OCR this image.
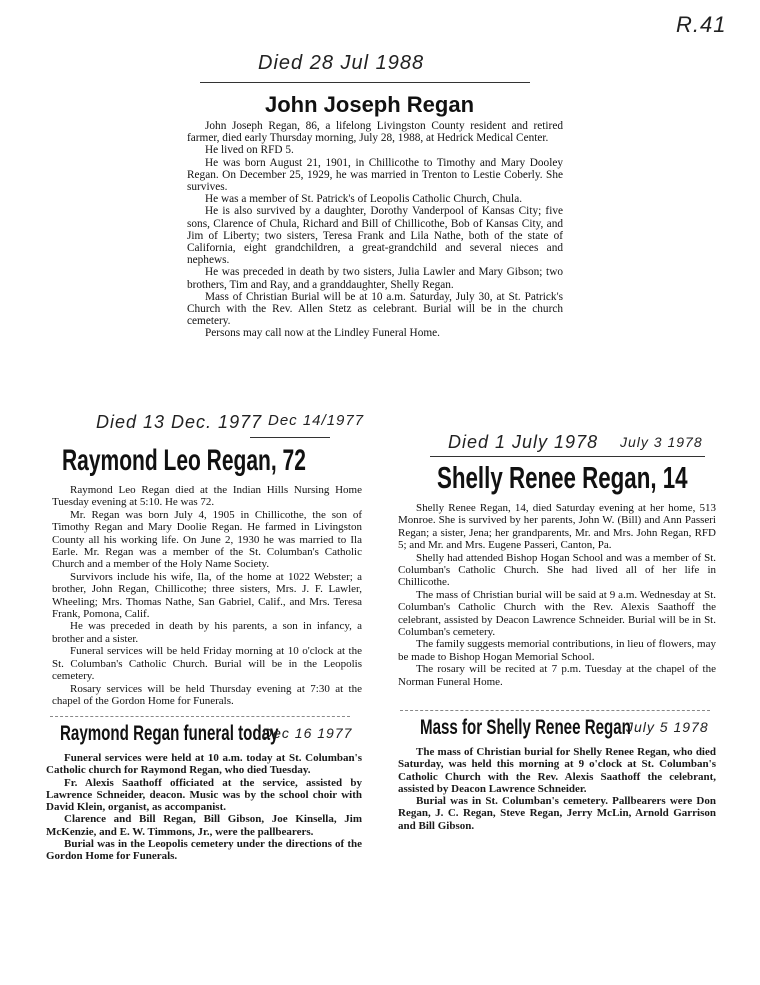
R.41
Died 28 Jul 1988
John Joseph Regan

John Joseph Regan, 86, a lifelong Livingston County resident and retired farmer, died early Thursday morning, July 28, 1988, at Hedrick Medical Center.

He lived on RFD 5.

He was born August 21, 1901, in Chillicothe to Timothy and Mary Dooley Regan. On December 25, 1929, he was married in Trenton to Lestie Coberly. She survives.

He was a member of St. Patrick's of Leopolis Catholic Church, Chula.

He is also survived by a daughter, Dorothy Vanderpool of Kansas City; five sons, Clarence of Chula, Richard and Bill of Chillicothe, Bob of Kansas City, and Jim of Liberty; two sisters, Teresa Frank and Lila Nathe, both of the state of California, eight grandchildren, a great-grandchild and several nieces and nephews.

He was preceded in death by two sisters, Julia Lawler and Mary Gibson; two brothers, Tim and Ray, and a granddaughter, Shelly Regan.

Mass of Christian Burial will be at 10 a.m. Saturday, July 30, at St. Patrick's Church with the Rev. Allen Stetz as celebrant. Burial will be in the church cemetery.

Persons may call now at the Lindley Funeral Home.

Died 13 Dec. 1977
Raymond Leo Regan, 72
Dec 14/1977

Raymond Leo Regan died at the Indian Hills Nursing Home Tuesday evening at 5:10. He was 72.

Mr. Regan was born July 4, 1905 in Chillicothe, the son of Timothy Regan and Mary Doolie Regan. He farmed in Livingston County all his working life. On June 2, 1930 he was married to Ila Earle. Mr. Regan was a member of the St. Columban's Catholic Church and a member of the Holy Name Society.

Survivors include his wife, Ila, of the home at 1022 Webster; a brother, John Regan, Chillicothe; three sisters, Mrs. J. F. Lawler, Wheeling; Mrs. Thomas Nathe, San Gabriel, Calif., and Mrs. Teresa Frank, Pomona, Calif.

He was preceded in death by his parents, a son in infancy, a brother and a sister.

Funeral services will be held Friday morning at 10 o'clock at the St. Columban's Catholic Church. Burial will be in the Leopolis cemetery.

Rosary services will be held Thursday evening at 7:30 at the chapel of the Gordon Home for Funerals.

Raymond Regan funeral today
Dec 16 1977

Funeral services were held at 10 a.m. today at St. Columban's Catholic church for Raymond Regan, who died Tuesday.

Fr. Alexis Saathoff officiated at the service, assisted by Lawrence Schneider, deacon. Music was by the school choir with David Klein, organist, as accompanist.

Clarence and Bill Regan, Bill Gibson, Joe Kinsella, Jim McKenzie, and E. W. Timmons, Jr., were the pallbearers.

Burial was in the Leopolis cemetery under the directions of the Gordon Home for Funerals.

Died 1 July 1978
Shelly Renee Regan, 14
July 3 1978

Shelly Renee Regan, 14, died Saturday evening at her home, 513 Monroe. She is survived by her parents, John W. (Bill) and Ann Passeri Regan; a sister, Jena; her grandparents, Mr. and Mrs. John Regan, RFD 5; and Mr. and Mrs. Eugene Passeri, Canton, Pa.

Shelly had attended Bishop Hogan School and was a member of St. Columban's Catholic Church. She had lived all of her life in Chillicothe.

The mass of Christian burial will be said at 9 a.m. Wednesday at St. Columban's Catholic Church with the Rev. Alexis Saathoff the celebrant, assisted by Deacon Lawrence Schneider. Burial will be in St. Columban's cemetery.

The family suggests memorial contributions, in lieu of flowers, may be made to Bishop Hogan Memorial School.

The rosary will be recited at 7 p.m. Tuesday at the chapel of the Norman Funeral Home.

Mass for Shelly Renee Regan
July 5 1978

The mass of Christian burial for Shelly Renee Regan, who died Saturday, was held this morning at 9 o'clock at St. Columban's Catholic Church with the Rev. Alexis Saathoff the celebrant, assisted by Deacon Lawrence Schneider.

Burial was in St. Columban's cemetery. Pallbearers were Don Regan, J. C. Regan, Steve Regan, Jerry McLin, Arnold Garrison and Bill Gibson.
